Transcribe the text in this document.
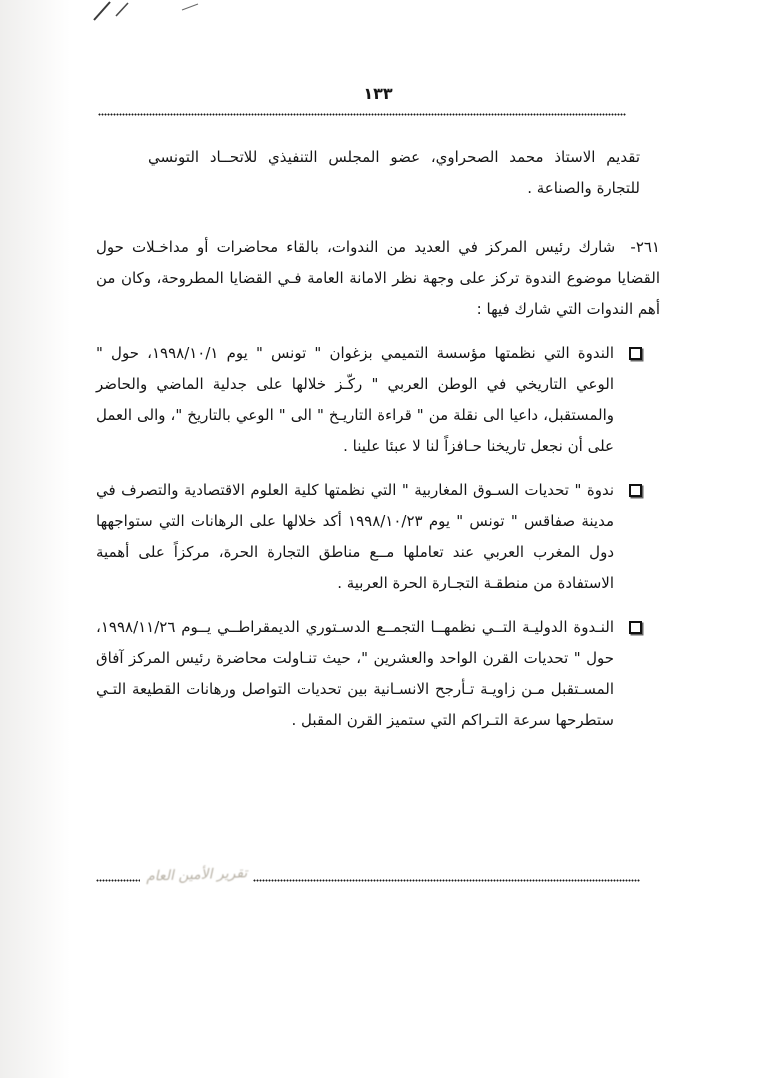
١٣٣

تقديم الاستاذ محمد الصحراوي، عضو المجلس التنفيذي للاتحــاد التونسي للتجارة والصناعة .

٢٦١- شارك رئيس المركز في العديد من الندوات، بالقاء محاضرات أو مداخـلات حول القضايا موضوع الندوة تركز على وجهة نظر الامانة العامة فـي القضايا المطروحة، وكان من أهم الندوات التي شارك فيها :

الندوة التي نظمتها مؤسسة التميمي بزغوان " تونس " يوم ١٩٩٨/١٠/١، حول " الوعي التاريخي في الوطن العربي " ركّـز خلالها على جدلية الماضي والحاضر والمستقبل، داعيا الى نقلة من " قراءة التاريـخ " الى " الوعي بالتاريخ "، والى العمل على أن نجعل تاريخنا حـافزاً لنا لا عبئا علينا .
ندوة " تحديات السـوق المغاربية " التي نظمتها كلية العلوم الاقتصادية والتصرف في مدينة صفاقس " تونس " يوم ١٩٩٨/١٠/٢٣ أكد خلالها على الرهانات التي ستواجهها دول المغرب العربي عند تعاملها مــع مناطق التجارة الحرة، مركزاً على أهمية الاستفادة من منطقـة التجـارة الحرة العربية .
النـدوة الدوليـة التــي نظمهــا التجمــع الدسـتوري الديمقراطــي يــوم ١٩٩٨/١١/٢٦، حول " تحديات القرن الواحد والعشرين "، حيث تنـاولت محاضرة رئيس المركز آفاق المسـتقبل مـن زاويـة تـأرجح الانسـانية بين تحديات التواصل ورهانات القطيعة التـي ستطرحها سرعة التـراكم التي ستميز القرن المقبل .
تقرير الأمين العام
